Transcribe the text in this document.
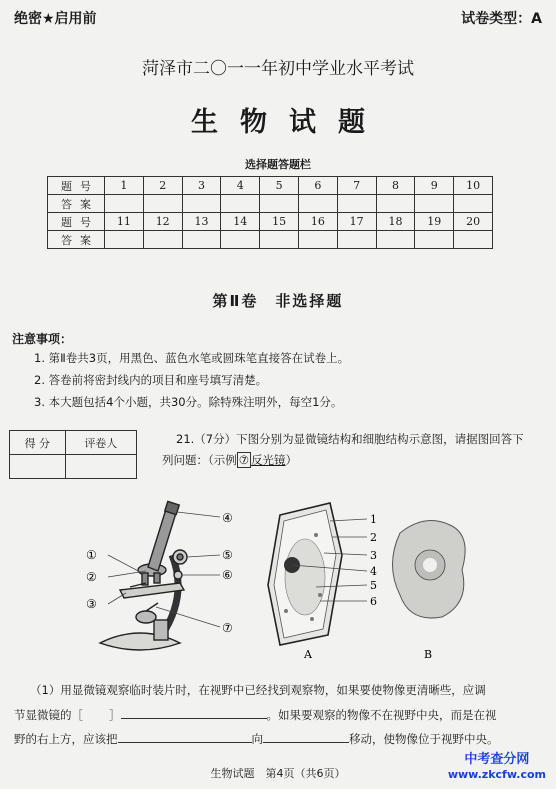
绝密★启用前	试卷类型：A
菏泽市二〇一一年初中学业水平考试
生物试题
选择题答题栏
题号	1	2	3	4	5	6	7	8	9	10
答案										
题号	11	12	13	14	15	16	17	18	19	20
答案										
第Ⅱ卷　非选择题
注意事项：
1. 第Ⅱ卷共3页，用黑色、蓝色水笔或圆珠笔直接答在试卷上。
2. 答卷前将密封线内的项目和座号填写清楚。
3. 本大题包括4个小题，共30分。除特殊注明外，每空1分。
得 分	评卷人
		21.（7分）下图分别为显微镜结构和细胞结构示意图，请据图回答下
列问题：（示例 ⑦ 反光镜）
①
②
③
④
⑤
⑥
⑦
1
2
3
4
5
6
A	B
（1）用显微镜观察临时装片时，在视野中已经找到观察物，如果要使物像更清晰些，应调
节显微镜的［ ］	。如果要观察的物像不在视野中央，而是在视
野的右上方，应该把	向	移动，使物像位于视野中央。
生物试题　第4页（共6页）
中考查分网
www.zkcfw.com
